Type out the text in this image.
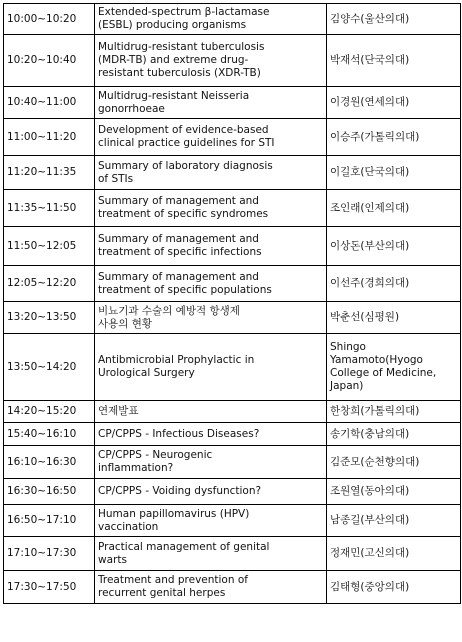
10:00~10:20	Extended-spectrum β-lactamase
(ESBL) producing organisms	김양수(울산의대)
10:20~10:40	Multidrug-resistant tuberculosis
(MDR-TB) and extreme drug-
resistant tuberculosis (XDR-TB)	박재석(단국의대)
10:40~11:00	Multidrug-resistant Neisseria
gonorrhoeae	이경원(연세의대)
11:00~11:20	Development of evidence-based
clinical practice guidelines for STI	이승주(가톨릭의대)
11:20~11:35	Summary of laboratory diagnosis
of STIs	이길호(단국의대)
11:35~11:50	Summary of management and
treatment of specific syndromes	조인래(인제의대)
11:50~12:05	Summary of management and
treatment of specific infections	이상돈(부산의대)
12:05~12:20	Summary of management and
treatment of specific populations	이선주(경희의대)
13:20~13:50	비뇨기과 수술의 예방적 항생제
사용의 현황	박춘선(심평원)
13:50~14:20	Antibmicrobial Prophylactic in
Urological Surgery	Shingo
Yamamoto(Hyogo
College of Medicine,
Japan)
14:20~15:20	연제발표	한창희(가톨릭의대)
15:40~16:10	CP/CPPS - Infectious Diseases?	송기학(충남의대)
16:10~16:30	CP/CPPS - Neurogenic
inflammation?	김준모(순천향의대)
16:30~16:50	CP/CPPS - Voiding dysfunction?	조원열(동아의대)
16:50~17:10	Human papillomavirus (HPV)
vaccination	남종길(부산의대)
17:10~17:30	Practical management of genital
warts	정재민(고신의대)
17:30~17:50	Treatment and prevention of
recurrent genital herpes	김태형(중앙의대)
